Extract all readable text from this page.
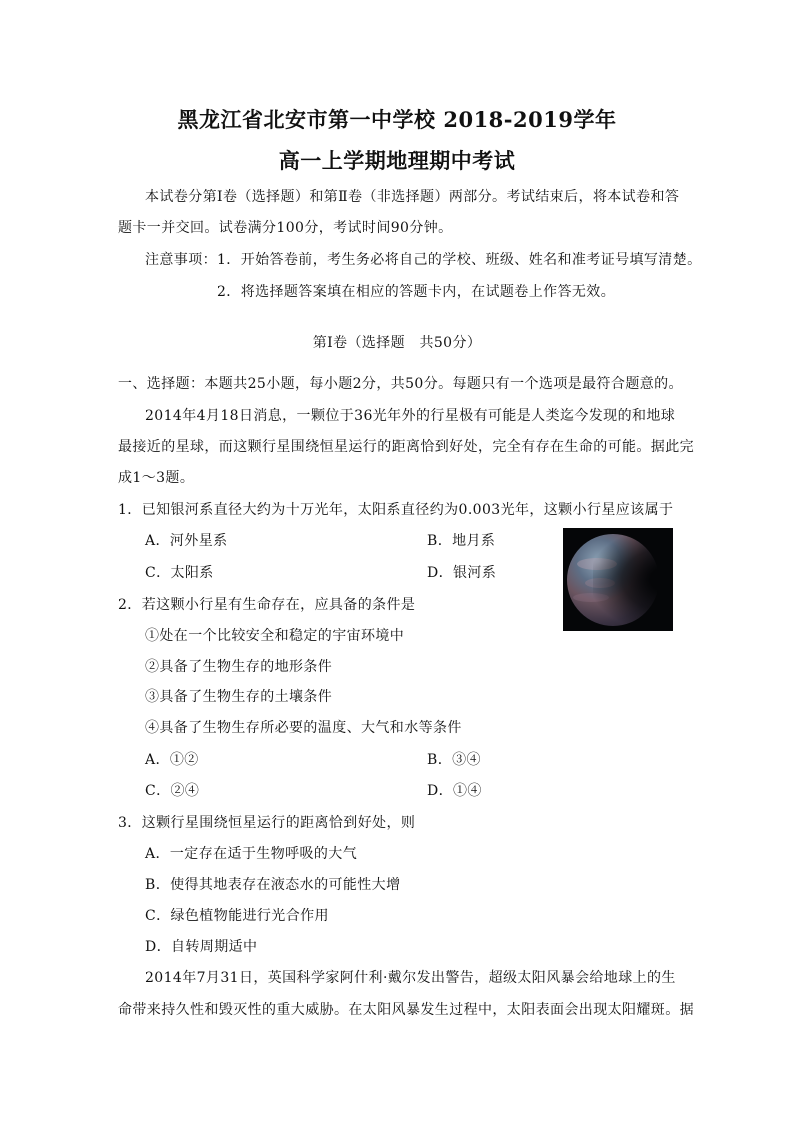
黑龙江省北安市第一中学校 2018-2019学年
高一上学期地理期中考试
本试卷分第Ⅰ卷（选择题）和第Ⅱ卷（非选择题）两部分。考试结束后，将本试卷和答
题卡一并交回。试卷满分100分，考试时间90分钟。
注意事项：1．开始答卷前，考生务必将自己的学校、班级、姓名和准考证号填写清楚。
2．将选择题答案填在相应的答题卡内，在试题卷上作答无效。
第Ⅰ卷（选择题　共50分）
一、选择题：本题共25小题，每小题2分，共50分。每题只有一个选项是最符合题意的。
2014年4月18日消息，一颗位于36光年外的行星极有可能是人类迄今发现的和地球
最接近的星球，而这颗行星围绕恒星运行的距离恰到好处，完全有存在生命的可能。据此完
成1～3题。
1．已知银河系直径大约为十万光年，太阳系直径约为0.003光年，这颗小行星应该属于
A．河外星系	B．地月系
C．太阳系	D．银河系
2．若这颗小行星有生命存在，应具备的条件是
①处在一个比较安全和稳定的宇宙环境中
②具备了生物生存的地形条件
③具备了生物生存的土壤条件
④具备了生物生存所必要的温度、大气和水等条件
A．①②	B．③④
C．②④	D．①④
3．这颗行星围绕恒星运行的距离恰到好处，则
A．一定存在适于生物呼吸的大气
B．使得其地表存在液态水的可能性大增
C．绿色植物能进行光合作用
D．自转周期适中
2014年7月31日，英国科学家阿什利·戴尔发出警告，超级太阳风暴会给地球上的生
命带来持久性和毁灭性的重大威胁。在太阳风暴发生过程中，太阳表面会出现太阳耀斑。据
